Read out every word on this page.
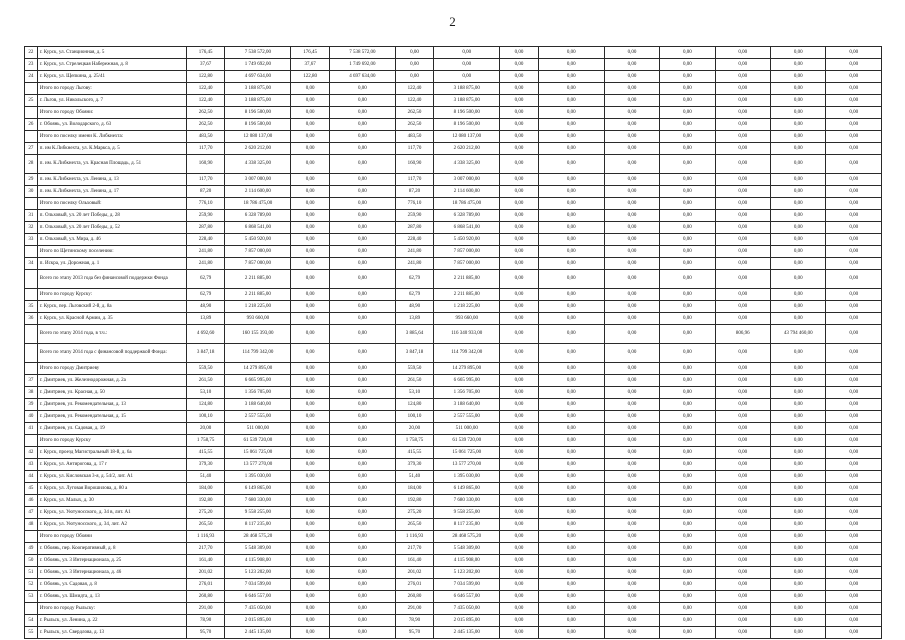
2
22	г. Курск, ул. Станционная, д. 5	176,45	7 538 572,00	176,45	7 538 572,00	0,00	0,00	0,00	0,00	0,00	0,00	0,00	0,00	0,00
23	г. Курск, ул. Стрелецкая Набережная, д. 8	37,67	1 749 692,00	37,67	1 749 692,00	0,00	0,00	0,00	0,00	0,00	0,00	0,00	0,00	0,00
24	г. Курск, ул. Щепкина, д. 25/41	122,80	4 697 634,00	122,80	4 697 634,00	0,00	0,00	0,00	0,00	0,00	0,00	0,00	0,00	0,00
	Итого по городу Льгову:	122,40	3 188 875,00	0,00	0,00	122,40	3 188 875,00	0,00	0,00	0,00	0,00	0,00	0,00	0,00
25	г. Льгов, ул. Никольского, д. 7	122,40	3 188 875,00	0,00	0,00	122,40	3 188 875,00	0,00	0,00	0,00	0,00	0,00	0,00	0,00
	Итого по городу Обояни:	262,50	8 196 500,00	0,00	0,00	262,50	8 196 500,00	0,00	0,00	0,00	0,00	0,00	0,00	0,00
26	г. Обоянь, ул. Володарского, д. 63	262,50	8 196 500,00	0,00	0,00	262,50	8 196 500,00	0,00	0,00	0,00	0,00	0,00	0,00	0,00
	Итого по поселку имени К. Либкнехта:	483,50	12 080 137,00	0,00	0,00	483,50	12 080 137,00	0,00	0,00	0,00	0,00	0,00	0,00	0,00
27	п. им К.Либкнехта, ул. К.Маркса, д. 5	117,70	2 620 212,00	0,00	0,00	117,70	2 620 212,00	0,00	0,00	0,00	0,00	0,00	0,00	0,00
28	п. им. К.Либкнехта, ул. Красная Площадь, д. 51	160,90	4 338 325,00	0,00	0,00	160,90	4 338 325,00	0,00	0,00	0,00	0,00	0,00	0,00	0,00
29	п. им. К.Либкнехта, ул. Ленина, д. 13	117,70	3 007 000,00	0,00	0,00	117,70	3 007 000,00	0,00	0,00	0,00	0,00	0,00	0,00	0,00
30	п. им. К.Либкнехта, ул. Ленина, д. 17	87,20	2 114 600,00	0,00	0,00	87,20	2 114 600,00	0,00	0,00	0,00	0,00	0,00	0,00	0,00
	Итого по поселку Ольховый:	776,10	18 786 475,00	0,00	0,00	776,10	18 786 475,00	0,00	0,00	0,00	0,00	0,00	0,00	0,00
31	п. Ольховый, ул. 20 лет Победы, д. 28	259,90	6 328 789,00	0,00	0,00	259,90	6 328 789,00	0,00	0,00	0,00	0,00	0,00	0,00	0,00
32	п. Ольховый, ул. 20 лет Победы, д. 52	287,80	6 868 541,00	0,00	0,00	287,80	6 868 541,00	0,00	0,00	0,00	0,00	0,00	0,00	0,00
33	п. Ольховый, ул. Мира, д. 46	228,40	5 450 920,00	0,00	0,00	228,40	5 450 920,00	0,00	0,00	0,00	0,00	0,00	0,00	0,00
	Итого по Щетинскому поселению:	241,80	7 857 000,00	0,00	0,00	241,80	7 857 000,00	0,00	0,00	0,00	0,00	0,00	0,00	0,00
34	п. Искра, ул. Дорожная, д. 1	241,80	7 857 000,00	0,00	0,00	241,80	7 857 000,00	0,00	0,00	0,00	0,00	0,00	0,00	0,00
	Всего по этапу 2013 года без финансовой поддержки Фонда	62,79	2 211 885,00	0,00	0,00	62,79	2 211 885,00	0,00	0,00	0,00	0,00	0,00	0,00	0,00
	Итого по городу Курску:	62,79	2 211 885,00	0,00	0,00	62,79	2 211 885,00	0,00	0,00	0,00	0,00	0,00	0,00	0,00
35	г. Курск, пер. Льговский 2-й, д. 8а	48,90	1 218 225,00	0,00	0,00	48,90	1 218 225,00	0,00	0,00	0,00	0,00	0,00	0,00	0,00
36	г. Курск, ул. Красной Армии, д. 35	13,89	993 660,00	0,00	0,00	13,89	993 660,00	0,00	0,00	0,00	0,00	0,00	0,00	0,00
	Всего по этапу 2014 года, в т.ч.:	4 692,60	160 155 393,00	0,00	0,00	3 885,64	116 340 933,00	0,00	0,00	0,00	0,00	806,96	43 794 460,00	0,00
	Всего по этапу 2014 года с финансовой поддержкой Фонда:	3 847,18	114 799 342,00	0,00	0,00	3 847,18	114 799 342,00	0,00	0,00	0,00	0,00	0,00	0,00	0,00
	Итого по городу Дмитриеву	559,50	14 279 895,00	0,00	0,00	559,50	14 279 895,00	0,00	0,00	0,00	0,00	0,00	0,00	0,00
37	г. Дмитриев, ул. Железнодорожная, д. 2а	261,50	6 665 995,00	0,00	0,00	261,50	6 665 995,00	0,00	0,00	0,00	0,00	0,00	0,00	0,00
38	г. Дмитриев, ул. Красная, д. 50	53,10	1 356 705,00	0,00	0,00	53,10	1 356 705,00	0,00	0,00	0,00	0,00	0,00	0,00	0,00
39	г. Дмитриев, ул. Рекомендательная, д. 13	124,80	3 188 640,00	0,00	0,00	124,80	3 188 640,00	0,00	0,00	0,00	0,00	0,00	0,00	0,00
40	г. Дмитриев, ул. Рекомендательная, д. 15	100,10	2 557 555,00	0,00	0,00	100,10	2 557 555,00	0,00	0,00	0,00	0,00	0,00	0,00	0,00
41	г. Дмитриев, ул. Садовая, д. 19	20,00	511 000,00	0,00	0,00	20,00	511 000,00	0,00	0,00	0,00	0,00	0,00	0,00	0,00
	Итого по городу Курску	1 758,75	61 539 720,00	0,00	0,00	1 758,75	61 539 720,00	0,00	0,00	0,00	0,00	0,00	0,00	0,00
42	г. Курск, проезд Магистральный 18-й, д. 6а	415,55	15 061 725,00	0,00	0,00	415,55	15 061 725,00	0,00	0,00	0,00	0,00	0,00	0,00	0,00
43	г. Курск, ул. Антирогова, д. 17 г	379,30	13 577 270,00	0,00	0,00	379,30	13 577 270,00	0,00	0,00	0,00	0,00	0,00	0,00	0,00
44	г. Курск, ул. Кисловская 3-я, д. 54/2, лит. А1	51,40	1 395 030,00	0,00	0,00	51,40	1 395 030,00	0,00	0,00	0,00	0,00	0,00	0,00	0,00
45	г. Курск, ул. Луговая Ворошилова, д. 80 а	184,00	6 149 865,00	0,00	0,00	184,00	6 149 865,00	0,00	0,00	0,00	0,00	0,00	0,00	0,00
46	г. Курск, ул. Малых, д. 30	192,80	7 680 330,00	0,00	0,00	192,80	7 680 330,00	0,00	0,00	0,00	0,00	0,00	0,00	0,00
47	г. Курск, ул. Уютуносского, д. 34 в, лит. А1	275,20	9 558 255,00	0,00	0,00	275,20	9 558 255,00	0,00	0,00	0,00	0,00	0,00	0,00	0,00
48	г. Курск, ул. Уютуносского, д. 34, лит. А2	265,50	8 117 235,00	0,00	0,00	265,50	8 117 235,00	0,00	0,00	0,00	0,00	0,00	0,00	0,00
	Итого по городу Обояни	1 116,93	28 468 575,20	0,00	0,00	1 116,93	28 468 575,20	0,00	0,00	0,00	0,00	0,00	0,00	0,00
49	г. Обоянь, пер. Кооперативный, д. 8	217,70	5 548 309,00	0,00	0,00	217,70	5 548 309,00	0,00	0,00	0,00	0,00	0,00	0,00	0,00
50	г. Обоянь, ул. 3 Интернационала, д. 25	161,40	4 115 908,00	0,00	0,00	161,40	4 115 908,00	0,00	0,00	0,00	0,00	0,00	0,00	0,00
51	г. Обоянь, ул. 3 Интернационала, д. 46	201,02	5 123 202,00	0,00	0,00	201,02	5 123 202,00	0,00	0,00	0,00	0,00	0,00	0,00	0,00
52	г. Обоянь, ул. Садовая, д. 8	276,01	7 034 599,00	0,00	0,00	276,01	7 034 599,00	0,00	0,00	0,00	0,00	0,00	0,00	0,00
53	г. Обоянь, ул. Шмидта, д. 13	260,80	6 646 557,00	0,00	0,00	260,80	6 646 557,00	0,00	0,00	0,00	0,00	0,00	0,00	0,00
	Итого по городу Рыльску:	291,00	7 435 050,00	0,00	0,00	291,00	7 435 050,00	0,00	0,00	0,00	0,00	0,00	0,00	0,00
54	г. Рыльск, ул. Ленина, д. 22	78,90	2 015 895,00	0,00	0,00	78,90	2 015 895,00	0,00	0,00	0,00	0,00	0,00	0,00	0,00
55	г. Рыльск, ул. Свердлова, д. 13	95,70	2 445 135,00	0,00	0,00	95,70	2 445 135,00	0,00	0,00	0,00	0,00	0,00	0,00	0,00
